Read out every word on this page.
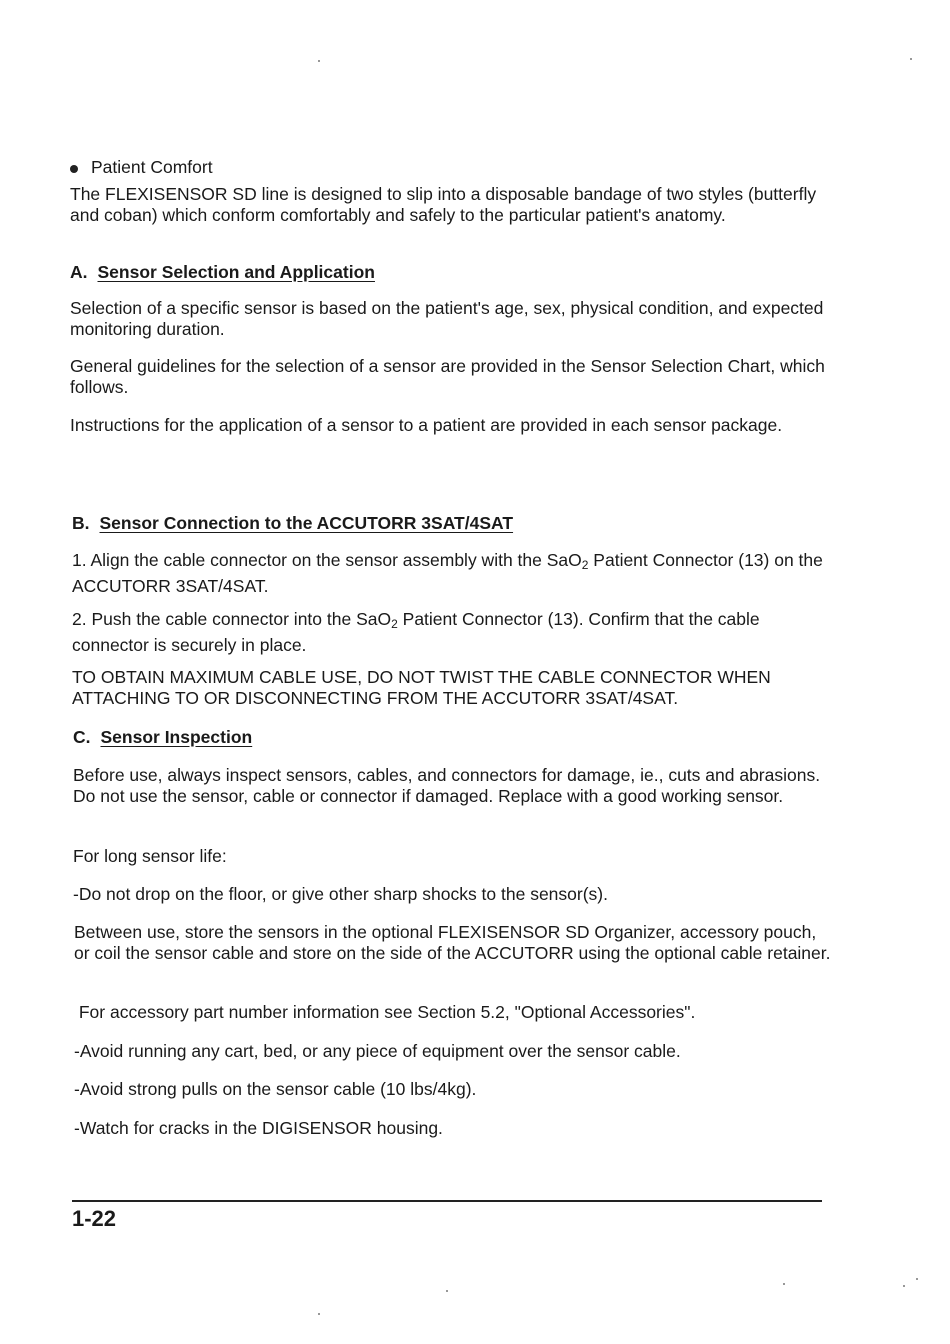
Patient Comfort

The FLEXISENSOR SD line is designed to slip into a disposable bandage of two styles (butterfly and coban) which conform comfortably and safely to the particular patient's anatomy.

A. Sensor Selection and Application

Selection of a specific sensor is based on the patient's age, sex, physical condition, and expected monitoring duration.

General guidelines for the selection of a sensor are provided in the Sensor Selection Chart, which follows.

Instructions for the application of a sensor to a patient are provided in each sensor package.

B. Sensor Connection to the ACCUTORR 3SAT/4SAT

1. Align the cable connector on the sensor assembly with the SaO2 Patient Connector (13) on the ACCUTORR 3SAT/4SAT.

2. Push the cable connector into the SaO2 Patient Connector (13). Confirm that the cable connector is securely in place.

TO OBTAIN MAXIMUM CABLE USE, DO NOT TWIST THE CABLE CONNECTOR WHEN ATTACHING TO OR DISCONNECTING FROM THE ACCUTORR 3SAT/4SAT.

C. Sensor Inspection

Before use, always inspect sensors, cables, and connectors for damage, ie., cuts and abrasions. Do not use the sensor, cable or connector if damaged. Replace with a good working sensor.

For long sensor life:

-Do not drop on the floor, or give other sharp shocks to the sensor(s).

Between use, store the sensors in the optional FLEXISENSOR SD Organizer, accessory pouch, or coil the sensor cable and store on the side of the ACCUTORR using the optional cable retainer.

For accessory part number information see Section 5.2, "Optional Accessories".

-Avoid running any cart, bed, or any piece of equipment over the sensor cable.

-Avoid strong pulls on the sensor cable (10 lbs/4kg).

-Watch for cracks in the DIGISENSOR housing.

1-22
